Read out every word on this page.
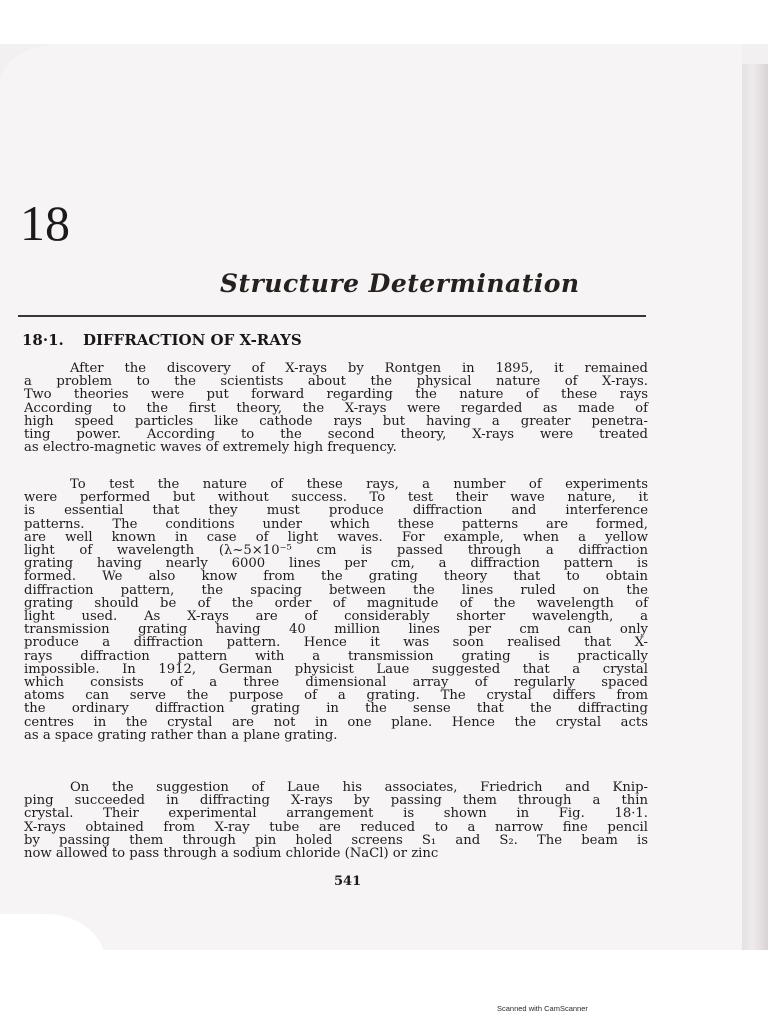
18
Structure Determination
18·1. DIFFRACTION OF X-RAYS
After the discovery of X-rays by Rontgen in 1895, it remained
a problem to the scientists about the physical nature of X-rays.
Two theories were put forward regarding the nature of these rays
According to the first theory, the X-rays were regarded as made of
high speed particles like cathode rays but having a greater penetra-
ting power. According to the second theory, X-rays were treated
as electro-magnetic waves of extremely high frequency.
To test the nature of these rays, a number of experiments
were performed but without success. To test their wave nature, it
is essential that they must produce diffraction and interference
patterns. The conditions under which these patterns are formed,
are well known in case of light waves. For example, when a yellow
light of wavelength (λ~5×10⁻⁵ cm is passed through a diffraction
grating having nearly 6000 lines per cm, a diffraction pattern is
formed. We also know from the grating theory that to obtain
diffraction pattern, the spacing between the lines ruled on the
grating should be of the order of magnitude of the wavelength of
light used. As X-rays are of considerably shorter wavelength, a
transmission grating having 40 million lines per cm can only
produce a diffraction pattern. Hence it was soon realised that X-
rays diffraction pattern with a transmission grating is practically
impossible. In 1912, German physicist Laue suggested that a crystal
which consists of a three dimensional array of regularly spaced
atoms can serve the purpose of a grating. The crystal differs from
the ordinary diffraction grating in the sense that the diffracting
centres in the crystal are not in one plane. Hence the crystal acts
as a space grating rather than a plane grating.
On the suggestion of Laue his associates, Friedrich and Knip-
ping succeeded in diffracting X-rays by passing them through a thin
crystal. Their experimental arrangement is shown in Fig. 18·1.
X-rays obtained from X-ray tube are reduced to a narrow fine pencil
by passing them through pin holed screens S₁ and S₂. The beam is
now allowed to pass through a sodium chloride (NaCl) or zinc
541
Scanned with CamScanner
